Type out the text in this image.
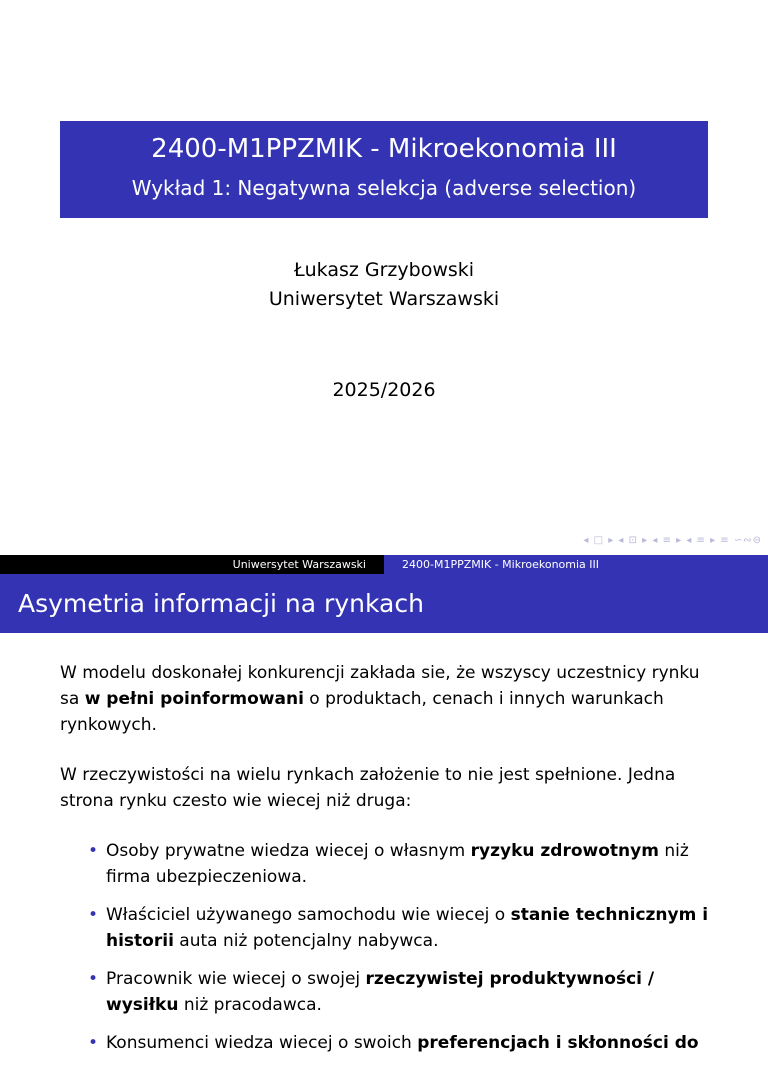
2400-M1PPZMIK - Mikroekonomia III
Wykład 1: Negatywna selekcja (adverse selection)
Łukasz Grzybowski
Uniwersytet Warszawski
2025/2026
◂ □ ▸ ◂ ⊡ ▸ ◂ ≡ ▸ ◂ ≡ ▸ ≡ ∽∾⊖
Uniwersytet Warszawski	2400-M1PPZMIK - Mikroekonomia III
Asymetria informacji na rynkach

W modelu doskonałej konkurencji zakłada sie, że wszyscy uczestnicy rynku sa w pełni poinformowani o produktach, cenach i innych warunkach rynkowych.

W rzeczywistości na wielu rynkach założenie to nie jest spełnione. Jedna strona rynku czesto wie wiecej niż druga:

• Osoby prywatne wiedza wiecej o własnym ryzyku zdrowotnym niż firma ubezpieczeniowa.
• Właściciel używanego samochodu wie wiecej o stanie technicznym i historii auta niż potencjalny nabywca.
• Pracownik wie wiecej o swojej rzeczywistej produktywności / wysiłku niż pracodawca.
• Konsumenci wiedza wiecej o swoich preferencjach i skłonności do
